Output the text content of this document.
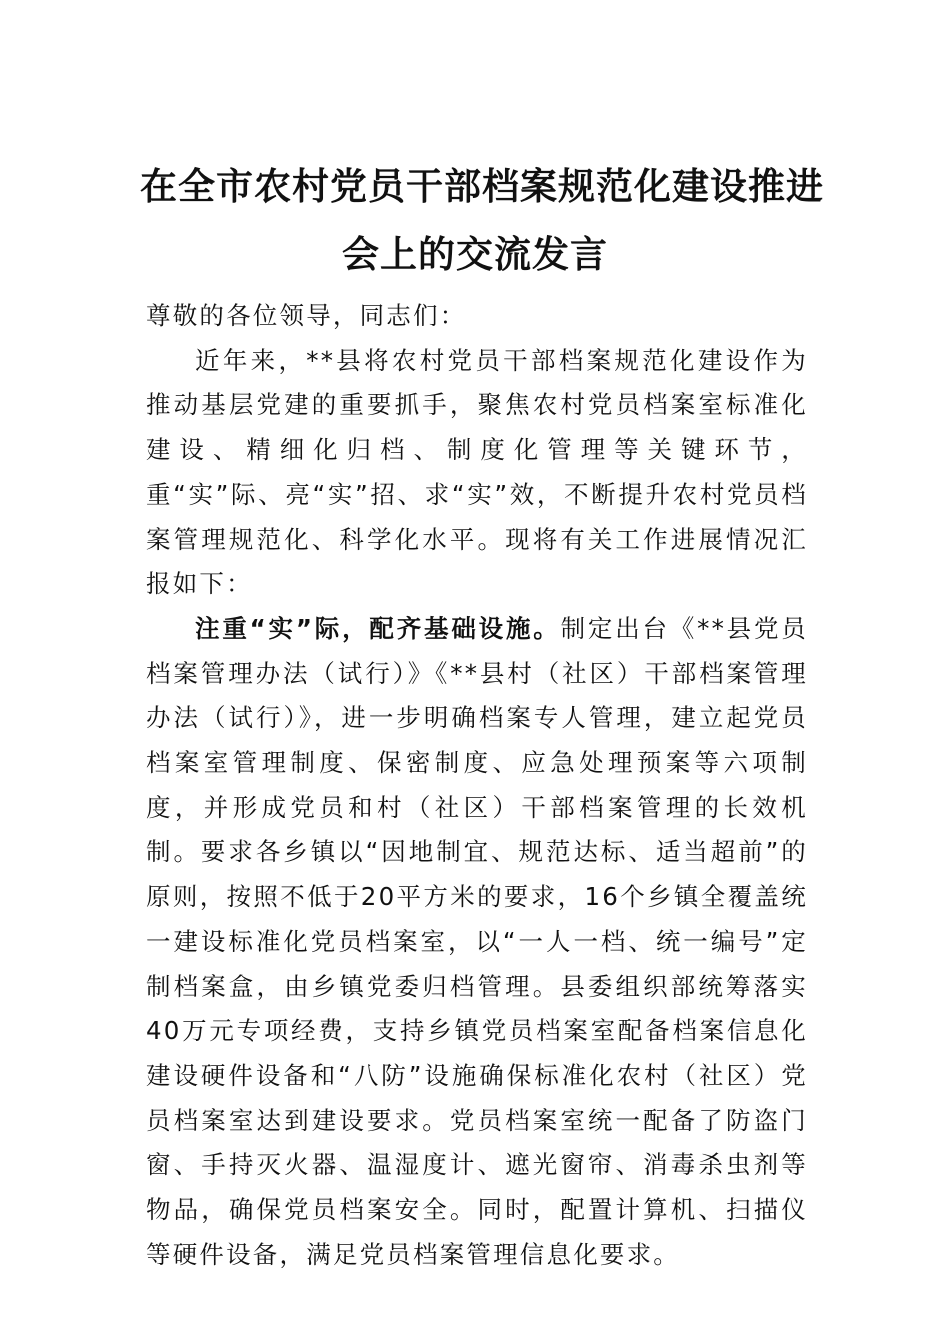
在全市农村党员干部档案规范化建设推进
会上的交流发言

尊敬的各位领导，同志们：

近年来，**县将农村党员干部档案规范化建设作为推动基层党建的重要抓手，聚焦农村党员档案室标准化建设、精细化归档、制度化管理等关键环节，重“实”际、亮“实”招、求“实”效，不断提升农村党员档案管理规范化、科学化水平。现将有关工作进展情况汇报如下：

注重“实”际，配齐基础设施。制定出台《**县党员档案管理办法（试行）》《**县村（社区）干部档案管理办法（试行）》，进一步明确档案专人管理，建立起党员档案室管理制度、保密制度、应急处理预案等六项制度，并形成党员和村（社区）干部档案管理的长效机制。要求各乡镇以“因地制宜、规范达标、适当超前”的原则，按照不低于20平方米的要求，16个乡镇全覆盖统一建设标准化党员档案室，以“一人一档、统一编号”定制档案盒，由乡镇党委归档管理。县委组织部统筹落实40万元专项经费，支持乡镇党员档案室配备档案信息化建设硬件设备和“八防”设施确保标准化农村（社区）党员档案室达到建设要求。党员档案室统一配备了防盗门窗、手持灭火器、温湿度计、遮光窗帘、消毒杀虫剂等物品，确保党员档案安全。同时，配置计算机、扫描仪等硬件设备，满足党员档案管理信息化要求。
